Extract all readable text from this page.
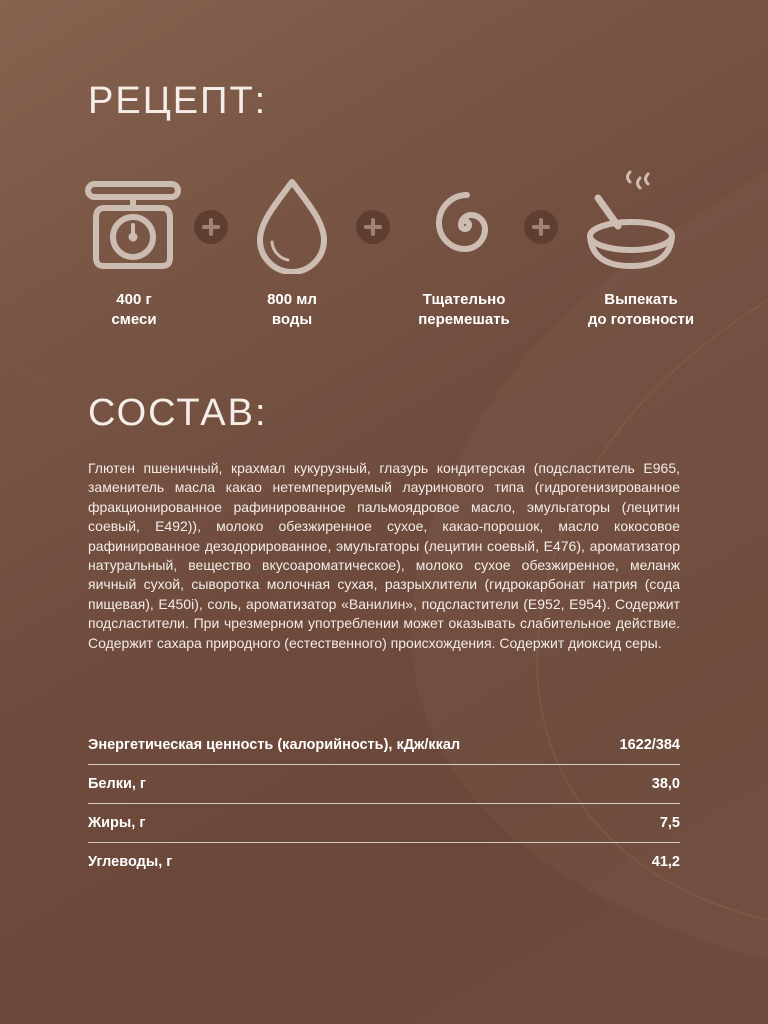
РЕЦЕПТ:
400 г
смеси
800 мл
воды
Тщательно
перемешать
Выпекать
до готовности
СОСТАВ:

Глютен пшеничный, крахмал кукурузный, глазурь кондитерская (подсластитель Е965, заменитель масла какао нетемперируемый лауринового типа (гидрогенизированное фракционированное рафинированное пальмоядровое масло, эмульгаторы (лецитин соевый, Е492)), молоко обезжиренное сухое, какао-порошок, масло кокосовое рафинированное дезодорированное, эмульгаторы (лецитин соевый, Е476), ароматизатор натуральный, вещество вкусоароматическое), молоко сухое обезжиренное, меланж яичный сухой, сыворотка молочная сухая, разрыхлители (гидрокарбонат натрия (сода пищевая), Е450i), соль, ароматизатор «Ванилин», подсластители (Е952, Е954). Содержит подсластители. При чрезмерном употреблении может оказывать слабительное действие. Содержит сахара природного (естественного) происхождения. Содержит диоксид серы.

Энергетическая ценность (калорийность), кДж/ккал	1622/384
Белки, г	38,0
Жиры, г	7,5
Углеводы, г	41,2
